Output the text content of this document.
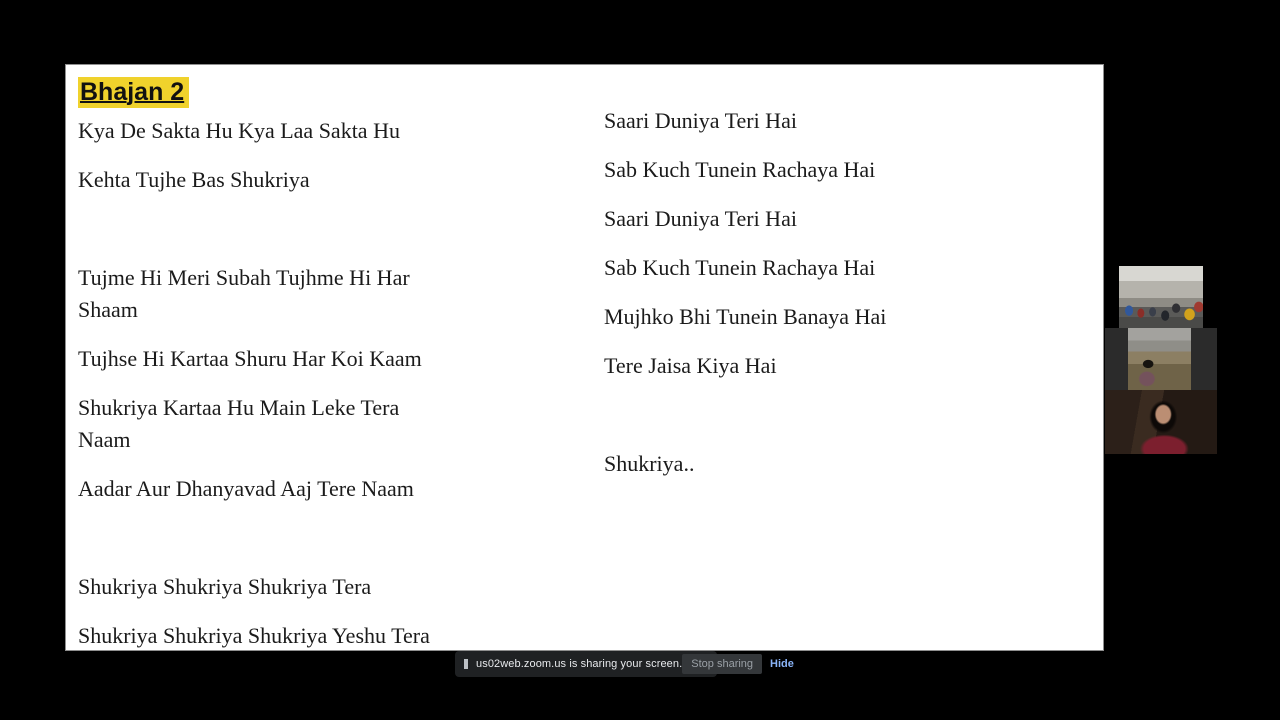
Bhajan 2

Kya De Sakta Hu Kya Laa Sakta Hu

Kehta Tujhe Bas Shukriya

Tujme Hi Meri Subah Tujhme Hi Har
Shaam

Tujhse Hi Kartaa Shuru Har Koi Kaam

Shukriya Kartaa Hu Main Leke Tera
Naam

Aadar Aur Dhanyavad Aaj Tere Naam

Shukriya Shukriya Shukriya Tera

Shukriya Shukriya Shukriya Yeshu Tera

Saari Duniya Teri Hai

Sab Kuch Tunein Rachaya Hai

Saari Duniya Teri Hai

Sab Kuch Tunein Rachaya Hai

Mujhko Bhi Tunein Banaya Hai

Tere Jaisa Kiya Hai

Shukriya..

us02web.zoom.us is sharing your screen. Stop sharing	Hide
